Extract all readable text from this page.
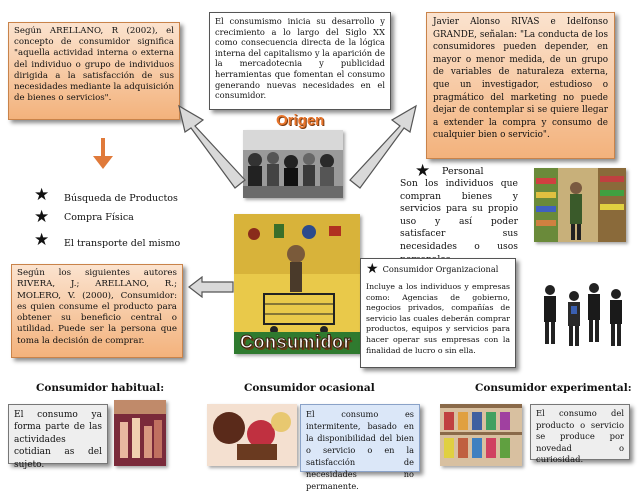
Según ARELLANO, R (2002), el concepto de consumidor significa "aquella actividad interna o externa del individuo o grupo de individuos dirigida a la satisfacción de sus necesidades mediante la adquisición de bienes o servicios".
El consumismo inicia su desarrollo y crecimiento a lo largo del Siglo XX como consecuencia directa de la lógica interna del capitalismo y la aparición de la mercadotecnia y publicidad herramientas que fomentan el consumo generando nuevas necesidades en el consumidor.
Javier Alonso RIVAS e Idelfonso GRANDE, señalan: "La conducta de los consumidores pueden depender, en mayor o menor medida, de un grupo de variables de naturaleza externa, que un investigador, estudioso o pragmático del marketing no puede dejar de contemplar si se quiere llegar a extender la compra y consumo de cualquier bien o servicio".
Origen
★ Búsqueda de Productos
★ Compra Física
★ El transporte del mismo
Según los siguientes autores RIVERA, J.; ARELLANO, R.; MOLERO, V. (2000), Consumidor: es quien consume el producto para obtener su beneficio central o utilidad. Puede ser la persona que toma la decisión de comprar.	Consumidor
★ Personal
Son los individuos que compran bienes y servicios para su propio uso y así poder satisfacer sus necesidades o usos
★ Consumidor Organizacional
Incluye a los individuos y empresas como: Agencias de gobierno, negocios privados, compañías de servicio las cuales deberán comprar productos, equipos y servicios para hacer operar sus empresas con la finalidad de lucro o sin ella.
Consumidor habitual:	Consumidor ocasional	Consumidor experimental:
El consumo ya forma parte de las actividades cotidian as del sujeto.
El consumo es intermitente, basado en la disponibilidad del bien o servicio o en la satisfacción de necesidades no permanente.
El consumo del producto o servicio se produce por novedad o curiosidad.
